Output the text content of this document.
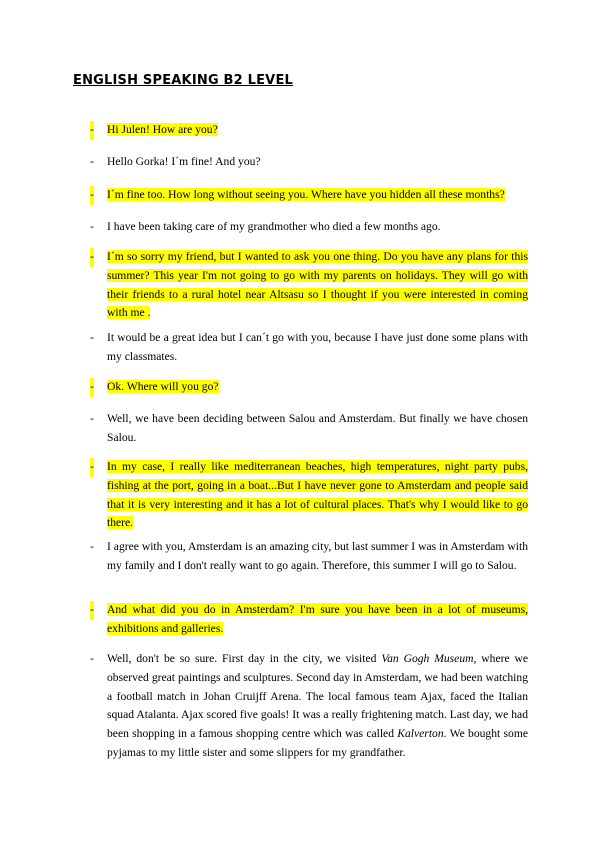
ENGLISH SPEAKING B2 LEVEL
- Hi Julen! How are you?
- Hello Gorka! I´m fine! And you?
- I´m fine too. How long without seeing you. Where have you hidden all these months?
- I have been taking care of my grandmother who died a few months ago.
- I´m so sorry my friend, but I wanted to ask you one thing. Do you have any plans for this summer? This year I'm not going to go with my parents on holidays. They will go with their friends to a rural hotel near Altsasu so I thought if you were interested in coming with me .
- It would be a great idea but I can´t go with you, because I have just done some plans with my classmates.
- Ok. Where will you go?
- Well, we have been deciding between Salou and Amsterdam. But finally we have chosen Salou.
- In my case, I really like mediterranean beaches, high temperatures, night party pubs, fishing at the port, going in a boat...But I have never gone to Amsterdam and people said that it is very interesting and it has a lot of cultural places. That's why I would like to go there.
- I agree with you, Amsterdam is an amazing city, but last summer I was in Amsterdam with my family and I don't really want to go again. Therefore, this summer I will go to Salou.
- And what did you do in Amsterdam? I'm sure you have been in a lot of museums, exhibitions and galleries.
- Well, don't be so sure. First day in the city, we visited Van Gogh Museum, where we observed great paintings and sculptures. Second day in Amsterdam, we had been watching a football match in Johan Cruijff Arena. The local famous team Ajax, faced the Italian squad Atalanta. Ajax scored five goals! It was a really frightening match. Last day, we had been shopping in a famous shopping centre which was called Kalverton. We bought some pyjamas to my little sister and some slippers for my grandfather.
